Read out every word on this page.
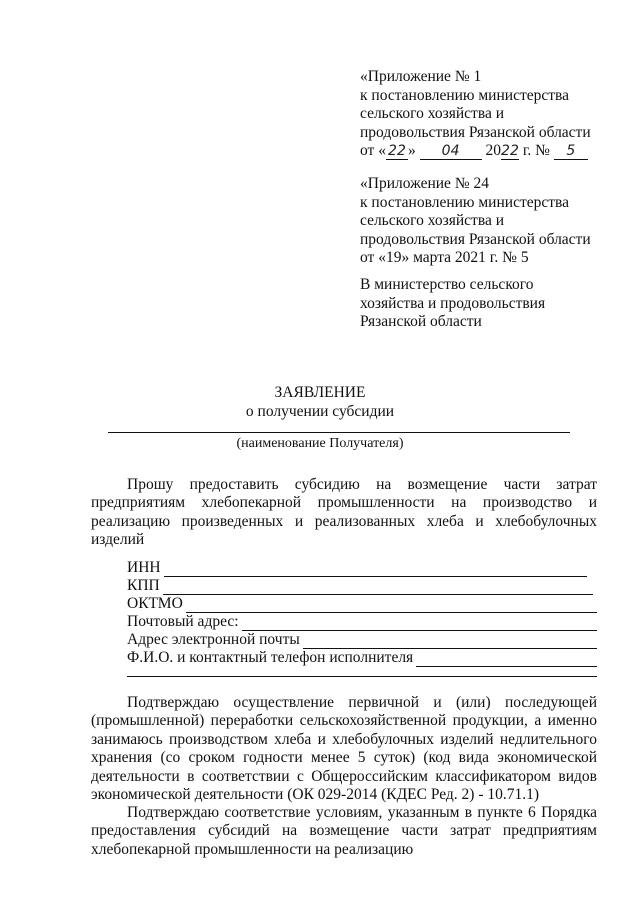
«Приложение № 1
к постановлению министерства
сельского хозяйства и
продовольствия Рязанской области
от « 22 » 04 2022 г. № 5
«Приложение № 24
к постановлению министерства
сельского хозяйства и
продовольствия Рязанской области
от «19» марта 2021 г. № 5
В министерство сельского
хозяйства и продовольствия
Рязанской области
ЗАЯВЛЕНИЕ
о получении субсидии
(наименование Получателя)
Прошу предоставить субсидию на возмещение части затрат предприятиям хлебопекарной промышленности на производство и реализацию произведенных и реализованных хлеба и хлебобулочных изделий
ИНН
КПП
ОКТМО
Почтовый адрес:
Адрес электронной почты
Ф.И.О. и контактный телефон исполнителя
Подтверждаю осуществление первичной и (или) последующей (промышленной) переработки сельскохозяйственной продукции, а именно занимаюсь производством хлеба и хлебобулочных изделий недлительного хранения (со сроком годности менее 5 суток) (код вида экономической деятельности в соответствии с Общероссийским классификатором видов экономической деятельности (ОК 029-2014 (КДЕС Ред. 2) - 10.71.1)
Подтверждаю соответствие условиям, указанным в пункте 6 Порядка предоставления субсидий на возмещение части затрат предприятиям хлебопекарной промышленности на реализацию
